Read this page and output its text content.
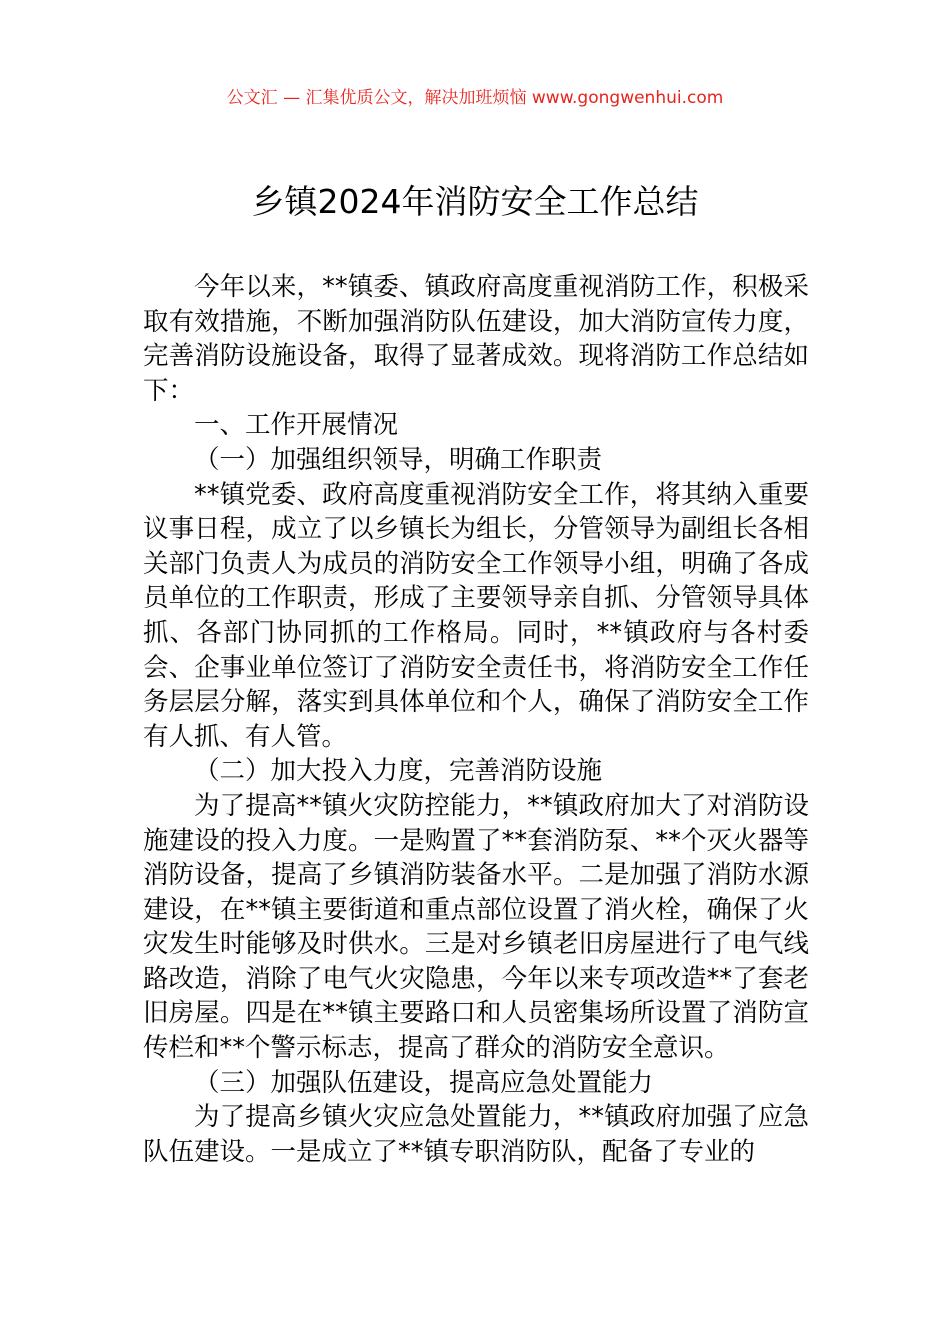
公文汇 — 汇集优质公文，解决加班烦恼 www.gongwenhui.com
乡镇2024年消防安全工作总结

今年以来，**镇委、镇政府高度重视消防工作，积极采取有效措施，不断加强消防队伍建设，加大消防宣传力度，完善消防设施设备，取得了显著成效。现将消防工作总结如下：

一、工作开展情况

（一）加强组织领导，明确工作职责

**镇党委、政府高度重视消防安全工作，将其纳入重要议事日程，成立了以乡镇长为组长，分管领导为副组长各相关部门负责人为成员的消防安全工作领导小组，明确了各成员单位的工作职责，形成了主要领导亲自抓、分管领导具体抓、各部门协同抓的工作格局。同时，**镇政府与各村委会、企事业单位签订了消防安全责任书，将消防安全工作任务层层分解，落实到具体单位和个人，确保了消防安全工作有人抓、有人管。

（二）加大投入力度，完善消防设施

为了提高**镇火灾防控能力，**镇政府加大了对消防设施建设的投入力度。一是购置了**套消防泵、**个灭火器等消防设备，提高了乡镇消防装备水平。二是加强了消防水源建设，在**镇主要街道和重点部位设置了消火栓，确保了火灾发生时能够及时供水。三是对乡镇老旧房屋进行了电气线路改造，消除了电气火灾隐患，今年以来专项改造**了套老旧房屋。四是在**镇主要路口和人员密集场所设置了消防宣传栏和**个警示标志，提高了群众的消防安全意识。

（三）加强队伍建设，提高应急处置能力

为了提高乡镇火灾应急处置能力，**镇政府加强了应急队伍建设。一是成立了**镇专职消防队，配备了专业的
